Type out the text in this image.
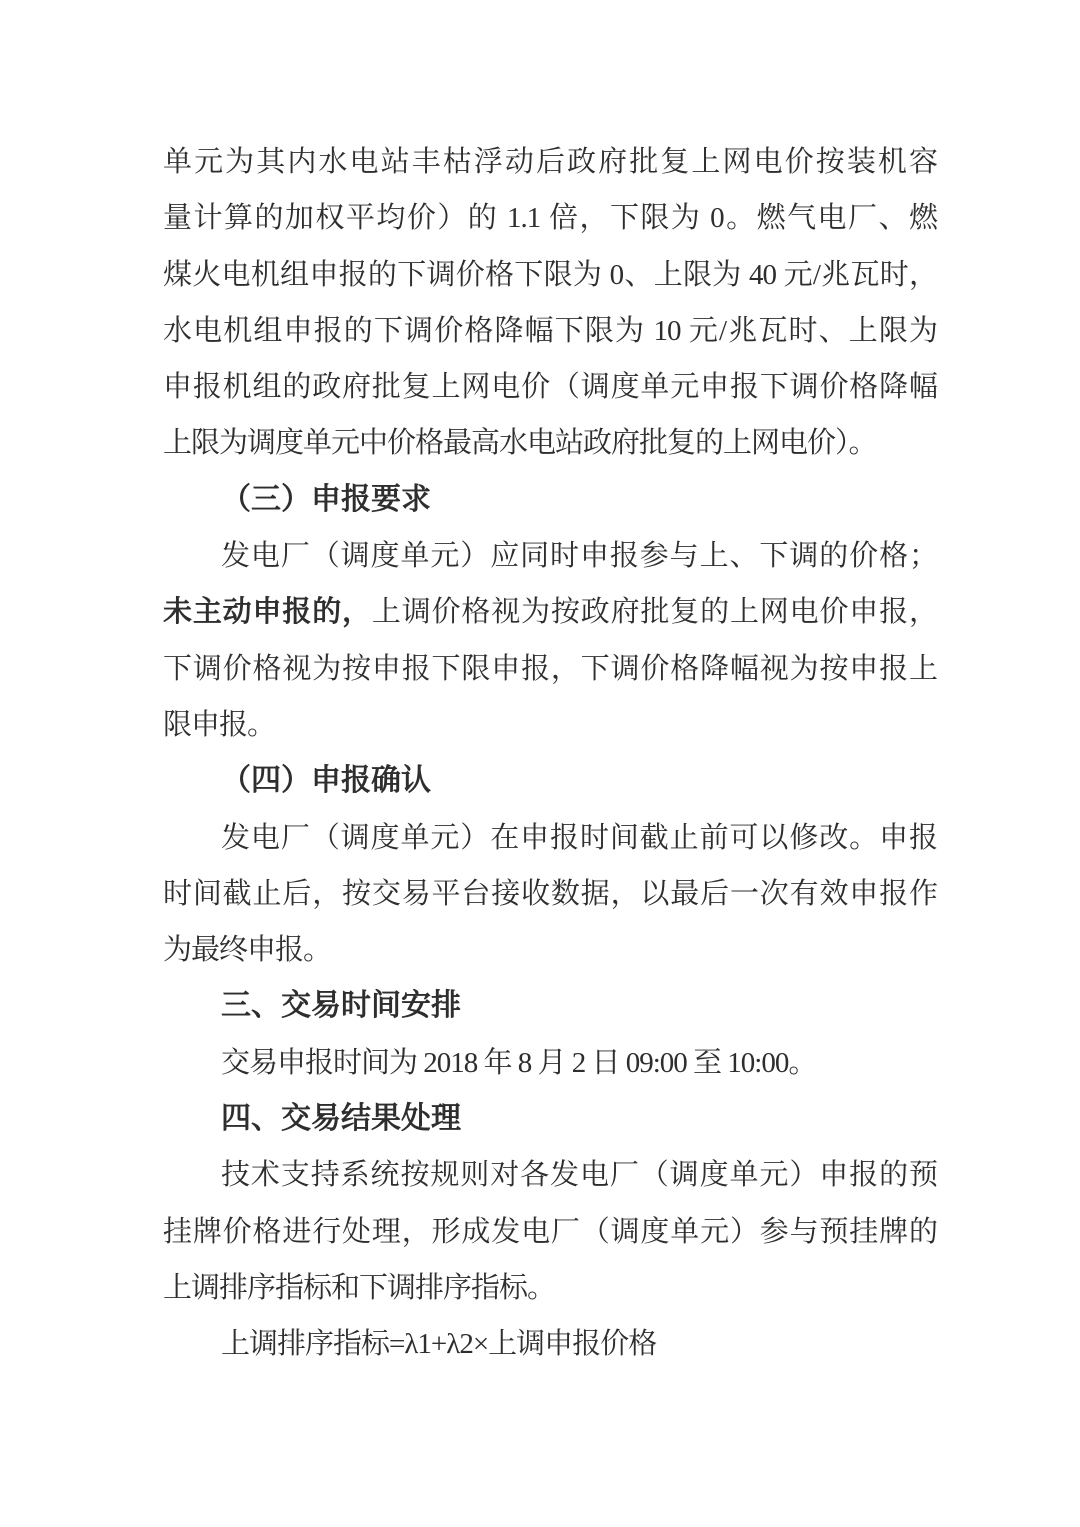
单元为其内水电站丰枯浮动后政府批复上网电价按装机容
量计算的加权平均价）的 1.1 倍，下限为 0。燃气电厂、燃
煤火电机组申报的下调价格下限为 0、上限为 40 元/兆瓦时，
水电机组申报的下调价格降幅下限为 10 元/兆瓦时、上限为
申报机组的政府批复上网电价（调度单元申报下调价格降幅
上限为调度单元中价格最高水电站政府批复的上网电价）。
（三）申报要求
发电厂（调度单元）应同时申报参与上、下调的价格；
未主动申报的，上调价格视为按政府批复的上网电价申报，
下调价格视为按申报下限申报，下调价格降幅视为按申报上
限申报。
（四）申报确认
发电厂（调度单元）在申报时间截止前可以修改。申报
时间截止后，按交易平台接收数据，以最后一次有效申报作
为最终申报。
三、交易时间安排
交易申报时间为 2018 年 8 月 2 日 09:00 至 10:00。
四、交易结果处理
技术支持系统按规则对各发电厂（调度单元）申报的预
挂牌价格进行处理，形成发电厂（调度单元）参与预挂牌的
上调排序指标和下调排序指标。
上调排序指标=λ1+λ2×上调申报价格
